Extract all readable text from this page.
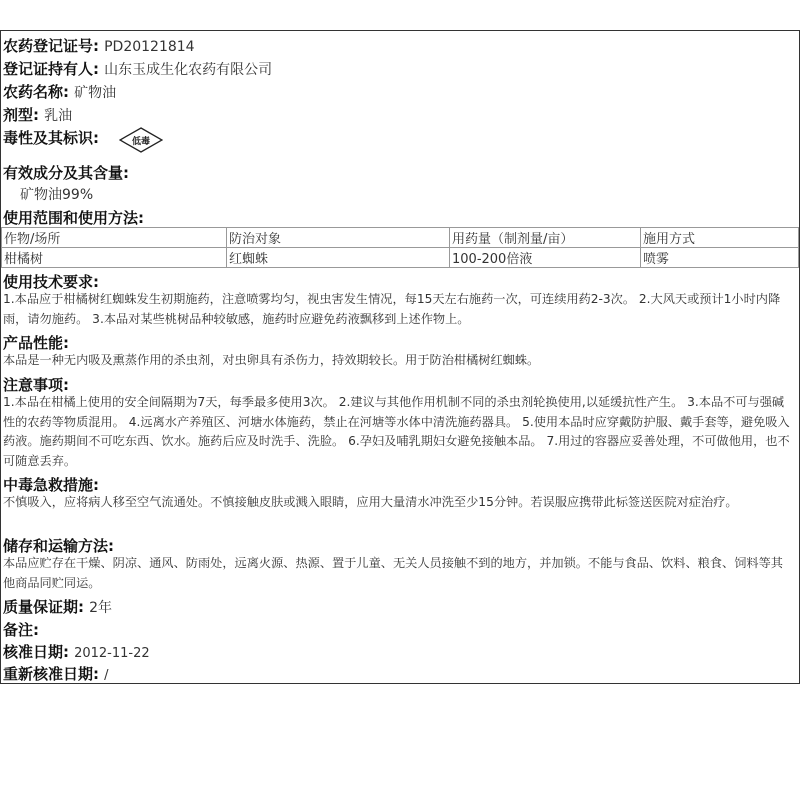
农药登记证号: PD20121814
登记证持有人: 山东玉成生化农药有限公司
农药名称: 矿物油
剂型: 乳油
毒性及其标识:	低毒
有效成分及其含量:
矿物油99%
使用范围和使用方法:
作物/场所	防治对象	用药量（制剂量/亩）	施用方式
柑橘树	红蜘蛛	100-200倍液	喷雾
使用技术要求:
1.本品应于柑橘树红蜘蛛发生初期施药，注意喷雾均匀，视虫害发生情况，每15天左右施药一次，可连续用药2-3次。 2.大风天或预计1小时内降雨，请勿施药。 3.本品对某些桃树品种较敏感，施药时应避免药液飘移到上述作物上。
产品性能:
本品是一种无内吸及熏蒸作用的杀虫剂，对虫卵具有杀伤力，持效期较长。用于防治柑橘树红蜘蛛。
注意事项:
1.本品在柑橘上使用的安全间隔期为7天，每季最多使用3次。 2.建议与其他作用机制不同的杀虫剂轮换使用,以延缓抗性产生。 3.本品不可与强碱性的农药等物质混用。 4.远离水产养殖区、河塘水体施药，禁止在河塘等水体中清洗施药器具。 5.使用本品时应穿戴防护服、戴手套等，避免吸入药液。施药期间不可吃东西、饮水。施药后应及时洗手、洗脸。 6.孕妇及哺乳期妇女避免接触本品。 7.用过的容器应妥善处理，不可做他用，也不可随意丢弃。
中毒急救措施:
不慎吸入，应将病人移至空气流通处。不慎接触皮肤或溅入眼睛，应用大量清水冲洗至少15分钟。若误服应携带此标签送医院对症治疗。
储存和运输方法:
本品应贮存在干燥、阴凉、通风、防雨处，远离火源、热源、置于儿童、无关人员接触不到的地方，并加锁。不能与食品、饮料、粮食、饲料等其他商品同贮同运。
质量保证期: 2年
备注:
核准日期: 2012-11-22
重新核准日期: /
